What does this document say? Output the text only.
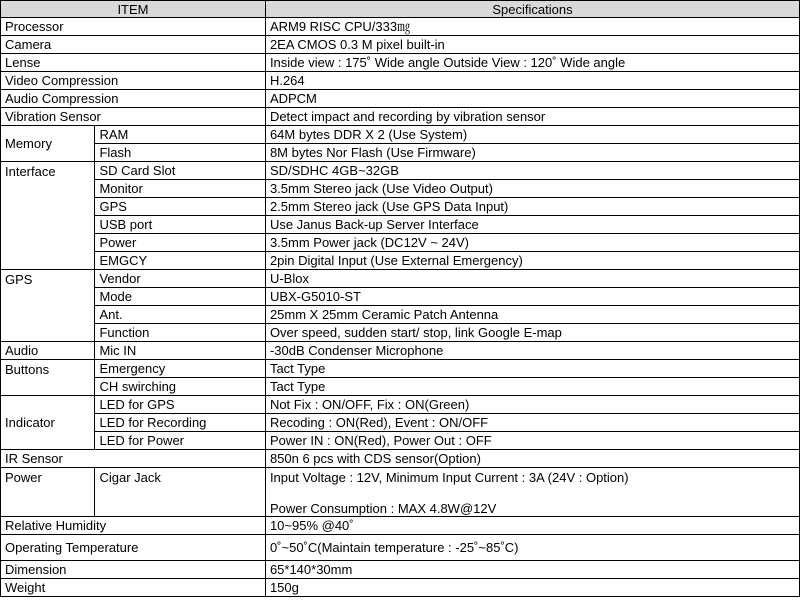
ITEM		Specifications
Processor		ARM9 RISC CPU/333㎎
Camera		2EA CMOS 0.3 M pixel built-in
Lense		Inside view : 175˚ Wide angle Outside View : 120˚ Wide angle
Video Compression		H.264
Audio Compression		ADPCM
Vibration Sensor		Detect impact and recording by vibration sensor
Memory	RAM	64M bytes DDR X 2 (Use System)
	Flash	8M bytes Nor Flash (Use Firmware)
Interface	SD Card Slot	SD/SDHC 4GB~32GB
	Monitor	3.5mm Stereo jack (Use Video Output)
	GPS	2.5mm Stereo jack (Use GPS Data Input)
	USB port	Use Janus Back-up Server Interface
	Power	3.5mm Power jack (DC12V ~ 24V)
	EMGCY	2pin Digital Input (Use External Emergency)
GPS	Vendor	U-Blox
	Mode	UBX-G5010-ST
	Ant.	25mm X 25mm Ceramic Patch Antenna
	Function	Over speed, sudden start/ stop, link Google E-map
Audio	Mic IN	-30dB Condenser Microphone
Buttons	Emergency	Tact Type
	CH swirching	Tact Type
Indicator	LED for GPS	Not Fix : ON/OFF, Fix : ON(Green)
	LED for Recording	Recoding : ON(Red), Event : ON/OFF
	LED for Power	Power IN : ON(Red), Power Out : OFF
IR Sensor		850n 6 pcs with CDS sensor(Option)
Power	Cigar Jack	Input Voltage : 12V, Minimum Input Current : 3A (24V : Option)
Power Consumption : MAX 4.8W@12V

Relative Humidity		10~95% @40˚
Operating Temperature		0˚~50˚C(Maintain temperature : -25˚~85˚C)
Dimension		65*140*30mm
Weight		150g
